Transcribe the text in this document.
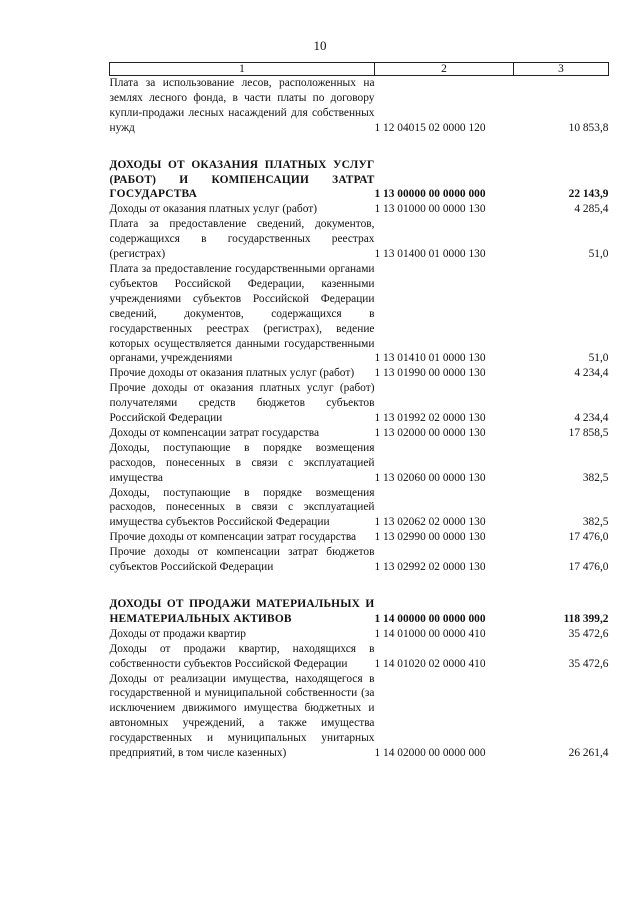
10
1	2	3
Плата за использование лесов, расположенных на землях лесного фонда, в части платы по договору купли-продажи лесных насаждений для собственных нужд	1 12 04015 02 0000 120	10 853,8

ДОХОДЫ ОТ ОКАЗАНИЯ ПЛАТНЫХ УСЛУГ (РАБОТ) И КОМПЕНСАЦИИ ЗАТРАТ ГОСУДАРСТВА	1 13 00000 00 0000 000	22 143,9
Доходы от оказания платных услуг (работ)	1 13 01000 00 0000 130	4 285,4
Плата за предоставление сведений, документов, содержащихся в государственных реестрах (регистрах)	1 13 01400 01 0000 130	51,0
Плата за предоставление государственными органами субъектов Российской Федерации, казенными учреждениями субъектов Российской Федерации сведений, документов, содержащихся в государственных реестрах (регистрах), ведение которых осуществляется данными государственными органами, учреждениями	1 13 01410 01 0000 130	51,0
Прочие доходы от оказания платных услуг (работ)	1 13 01990 00 0000 130	4 234,4
Прочие доходы от оказания платных услуг (работ) получателями средств бюджетов субъектов Российской Федерации	1 13 01992 02 0000 130	4 234,4
Доходы от компенсации затрат государства	1 13 02000 00 0000 130	17 858,5
Доходы, поступающие в порядке возмещения расходов, понесенных в связи с эксплуатацией имущества	1 13 02060 00 0000 130	382,5
Доходы, поступающие в порядке возмещения расходов, понесенных в связи с эксплуатацией имущества субъектов Российской Федерации	1 13 02062 02 0000 130	382,5
Прочие доходы от компенсации затрат государства	1 13 02990 00 0000 130	17 476,0
Прочие доходы от компенсации затрат бюджетов субъектов Российской Федерации	1 13 02992 02 0000 130	17 476,0

ДОХОДЫ ОТ ПРОДАЖИ МАТЕРИАЛЬНЫХ И НЕМАТЕРИАЛЬНЫХ АКТИВОВ	1 14 00000 00 0000 000	118 399,2
Доходы от продажи квартир	1 14 01000 00 0000 410	35 472,6
Доходы от продажи квартир, находящихся в собственности субъектов Российской Федерации	1 14 01020 02 0000 410	35 472,6
Доходы от реализации имущества, находящегося в государственной и муниципальной собственности (за исключением движимого имущества бюджетных и автономных учреждений, а также имущества государственных и муниципальных унитарных предприятий, в том числе казенных)	1 14 02000 00 0000 000	26 261,4
